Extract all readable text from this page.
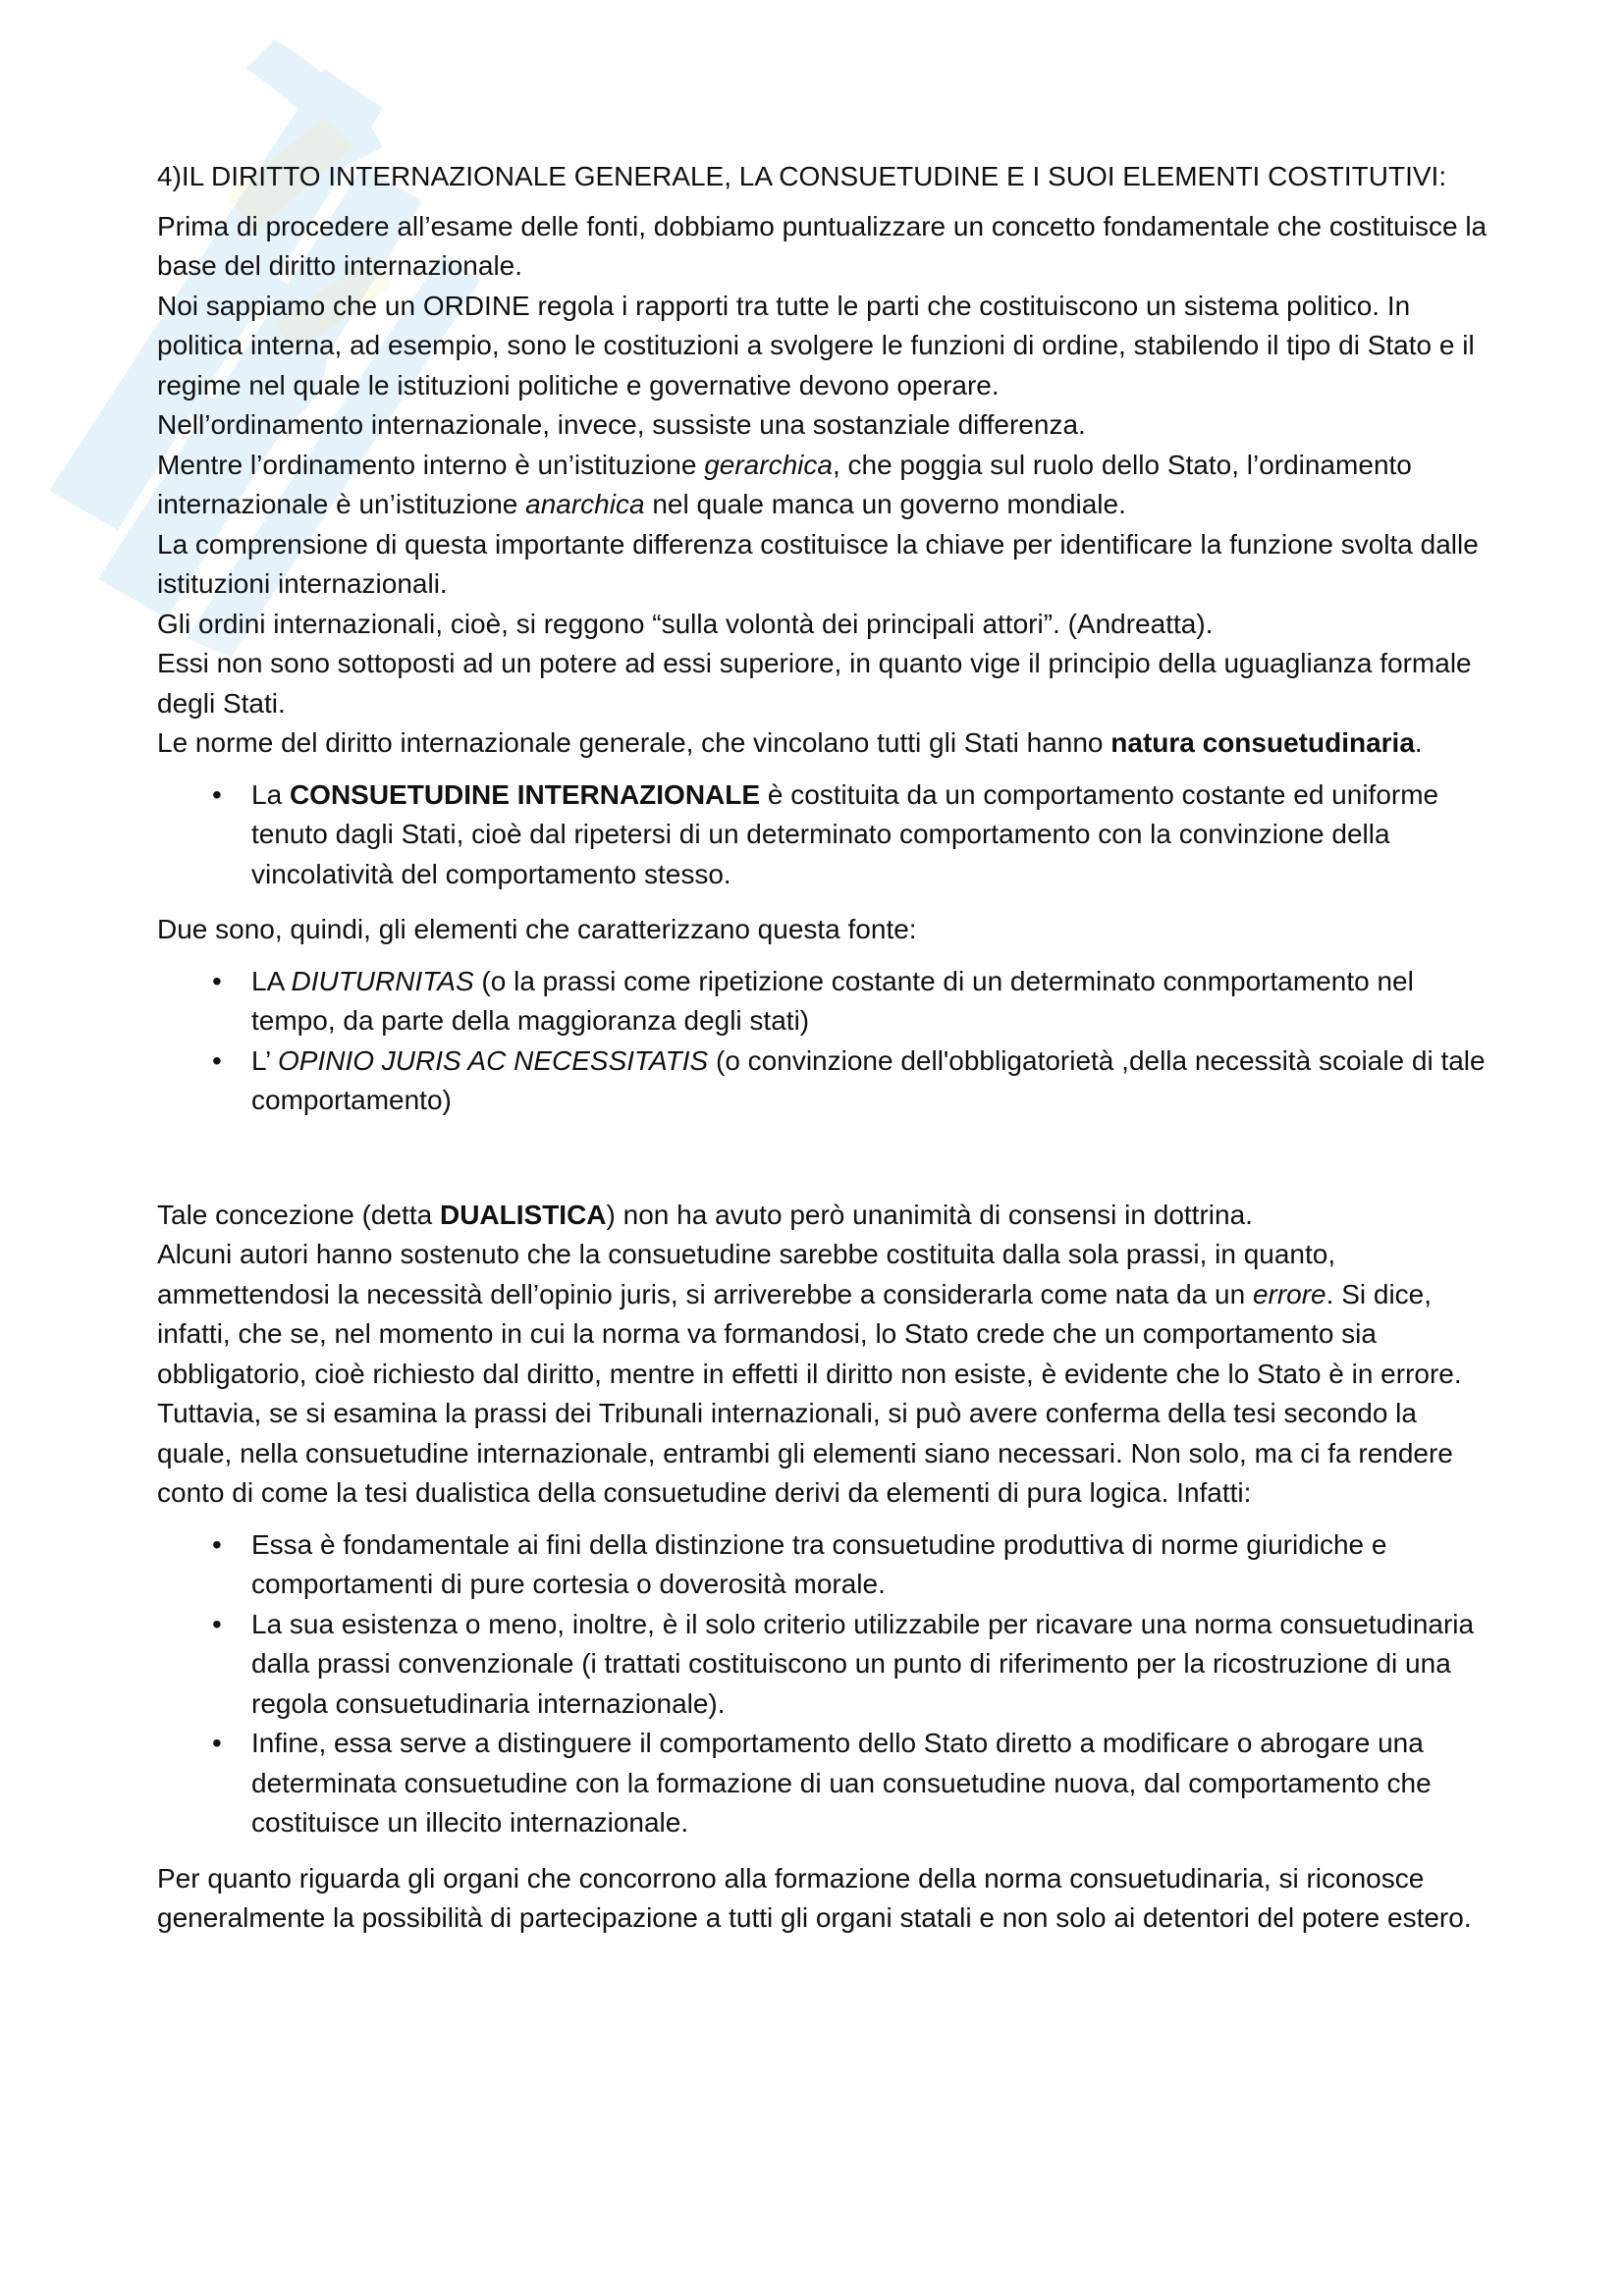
4)IL DIRITTO INTERNAZIONALE GENERALE, LA CONSUETUDINE E I SUOI ELEMENTI COSTITUTIVI:

Prima di procedere all’esame delle fonti, dobbiamo puntualizzare un concetto fondamentale che costituisce la base del diritto internazionale.

Noi sappiamo che un ORDINE regola i rapporti tra tutte le parti che costituiscono un sistema politico. In politica interna, ad esempio, sono le costituzioni a svolgere le funzioni di ordine, stabilendo il tipo di Stato e il regime nel quale le istituzioni politiche e governative devono operare.

Nell’ordinamento internazionale, invece, sussiste una sostanziale differenza.

Mentre l’ordinamento interno è un’istituzione gerarchica, che poggia sul ruolo dello Stato, l’ordinamento internazionale è un’istituzione anarchica nel quale manca un governo mondiale.

La comprensione di questa importante differenza costituisce la chiave per identificare la funzione svolta dalle istituzioni internazionali.

Gli ordini internazionali, cioè, si reggono “sulla volontà dei principali attori”. (Andreatta).

Essi non sono sottoposti ad un potere ad essi superiore, in quanto vige il principio della uguaglianza formale degli Stati.

Le norme del diritto internazionale generale, che vincolano tutti gli Stati hanno natura consuetudinaria.

• La CONSUETUDINE INTERNAZIONALE è costituita da un comportamento costante ed uniforme tenuto dagli Stati, cioè dal ripetersi di un determinato comportamento con la convinzione della vincolatività del comportamento stesso.

Due sono, quindi, gli elementi che caratterizzano questa fonte:

• LA DIUTURNITAS (o la prassi come ripetizione costante di un determinato conmportamento nel tempo, da parte della maggioranza degli stati)
• L’ OPINIO JURIS AC NECESSITATIS (o convinzione dell'obbligatorietà ,della necessità scoiale di tale comportamento)

Tale concezione (detta DUALISTICA) non ha avuto però unanimità di consensi in dottrina.

Alcuni autori hanno sostenuto che la consuetudine sarebbe costituita dalla sola prassi, in quanto, ammettendosi la necessità dell’opinio juris, si arriverebbe a considerarla come nata da un errore. Si dice, infatti, che se, nel momento in cui la norma va formandosi, lo Stato crede che un comportamento sia obbligatorio, cioè richiesto dal diritto, mentre in effetti il diritto non esiste, è evidente che lo Stato è in errore.

Tuttavia, se si esamina la prassi dei Tribunali internazionali, si può avere conferma della tesi secondo la quale, nella consuetudine internazionale, entrambi gli elementi siano necessari. Non solo, ma ci fa rendere conto di come la tesi dualistica della consuetudine derivi da elementi di pura logica. Infatti:

• Essa è fondamentale ai fini della distinzione tra consuetudine produttiva di norme giuridiche e comportamenti di pure cortesia o doverosità morale.
• La sua esistenza o meno, inoltre, è il solo criterio utilizzabile per ricavare una norma consuetudinaria dalla prassi convenzionale (i trattati costituiscono un punto di riferimento per la ricostruzione di una regola consuetudinaria internazionale).
• Infine, essa serve a distinguere il comportamento dello Stato diretto a modificare o abrogare una determinata consuetudine con la formazione di uan consuetudine nuova, dal comportamento che costituisce un illecito internazionale.

Per quanto riguarda gli organi che concorrono alla formazione della norma consuetudinaria, si riconosce generalmente la possibilità di partecipazione a tutti gli organi statali e non solo ai detentori del potere estero.
